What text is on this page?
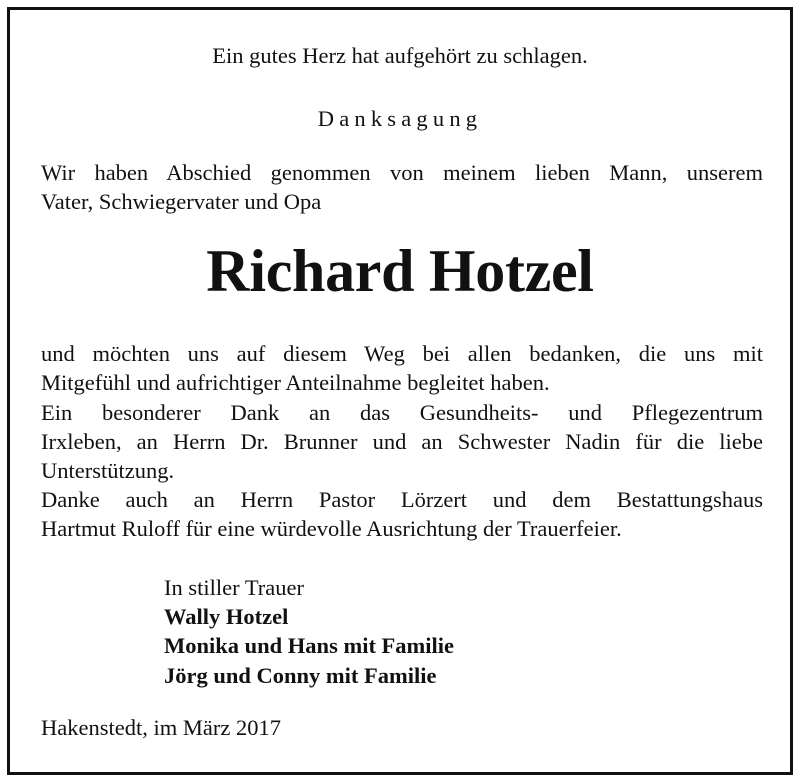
Ein gutes Herz hat aufgehört zu schlagen.
Danksagung
Wir haben Abschied genommen von meinem lieben Mann, unserem
Vater, Schwiegervater und Opa
Richard Hotzel
und möchten uns auf diesem Weg bei allen bedanken, die uns mit
Mitgefühl und aufrichtiger Anteilnahme begleitet haben.
Ein besonderer Dank an das Gesundheits- und Pflegezentrum
Irxleben, an Herrn Dr. Brunner und an Schwester Nadin für die liebe
Unterstützung.
Danke auch an Herrn Pastor Lörzert und dem Bestattungshaus
Hartmut Ruloff für eine würdevolle Ausrichtung der Trauerfeier.
In stiller Trauer
Wally Hotzel
Monika und Hans mit Familie
Jörg und Conny mit Familie
Hakenstedt, im März 2017
